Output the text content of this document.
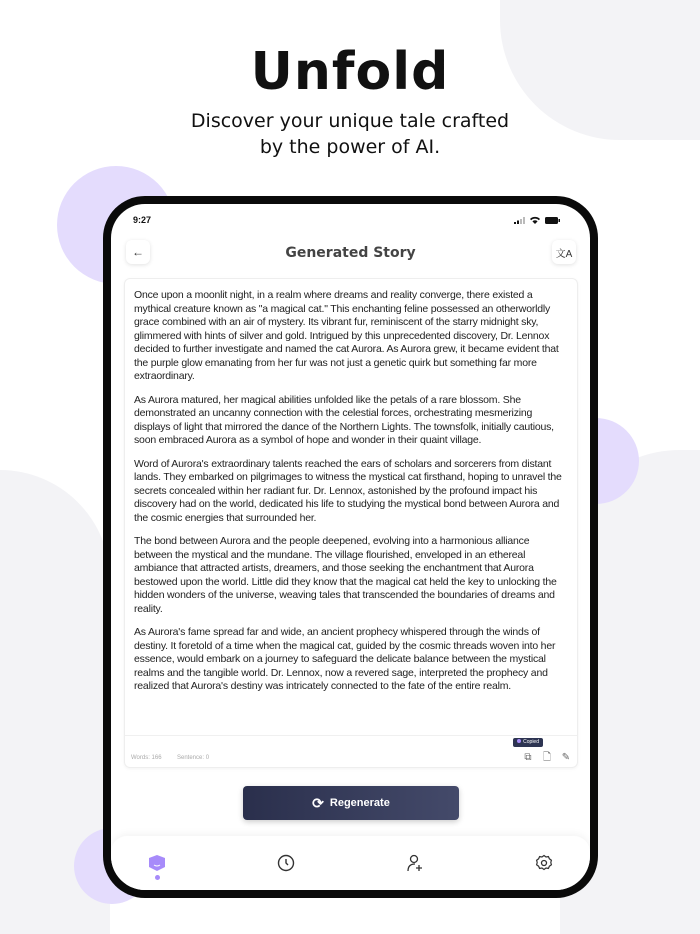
Unfold
Discover your unique tale crafted
by the power of AI.
9:27
←	Generated Story	文A

Once upon a moonlit night, in a realm where dreams and reality converge, there existed a mythical creature known as "a magical cat." This enchanting feline possessed an otherworldly grace combined with an air of mystery. Its vibrant fur, reminiscent of the starry midnight sky, glimmered with hints of silver and gold. Intrigued by this unprecedented discovery, Dr. Lennox decided to further investigate and named the cat Aurora. As Aurora grew, it became evident that the purple glow emanating from her fur was not just a genetic quirk but something far more extraordinary.

As Aurora matured, her magical abilities unfolded like the petals of a rare blossom. She demonstrated an uncanny connection with the celestial forces, orchestrating mesmerizing displays of light that mirrored the dance of the Northern Lights. The townsfolk, initially cautious, soon embraced Aurora as a symbol of hope and wonder in their quaint village.

Word of Aurora's extraordinary talents reached the ears of scholars and sorcerers from distant lands. They embarked on pilgrimages to witness the mystical cat firsthand, hoping to unravel the secrets concealed within her radiant fur. Dr. Lennox, astonished by the profound impact his discovery had on the world, dedicated his life to studying the mystical bond between Aurora and the cosmic energies that surrounded her.

The bond between Aurora and the people deepened, evolving into a harmonious alliance between the mystical and the mundane. The village flourished, enveloped in an ethereal ambiance that attracted artists, dreamers, and those seeking the enchantment that Aurora bestowed upon the world. Little did they know that the magical cat held the key to unlocking the hidden wonders of the universe, weaving tales that transcended the boundaries of dreams and reality.

As Aurora's fame spread far and wide, an ancient prophecy whispered through the winds of destiny. It foretold of a time when the magical cat, guided by the cosmic threads woven into her essence, would embark on a journey to safeguard the delicate balance between the mystical realms and the tangible world. Dr. Lennox, now a revered sage, interpreted the prophecy and realized that Aurora's destiny was intricately connected to the fate of the entire realm.

Words: 166	Sentence: 0
Copied
⧉ 🗋 ✎
⟳ Regenerate
